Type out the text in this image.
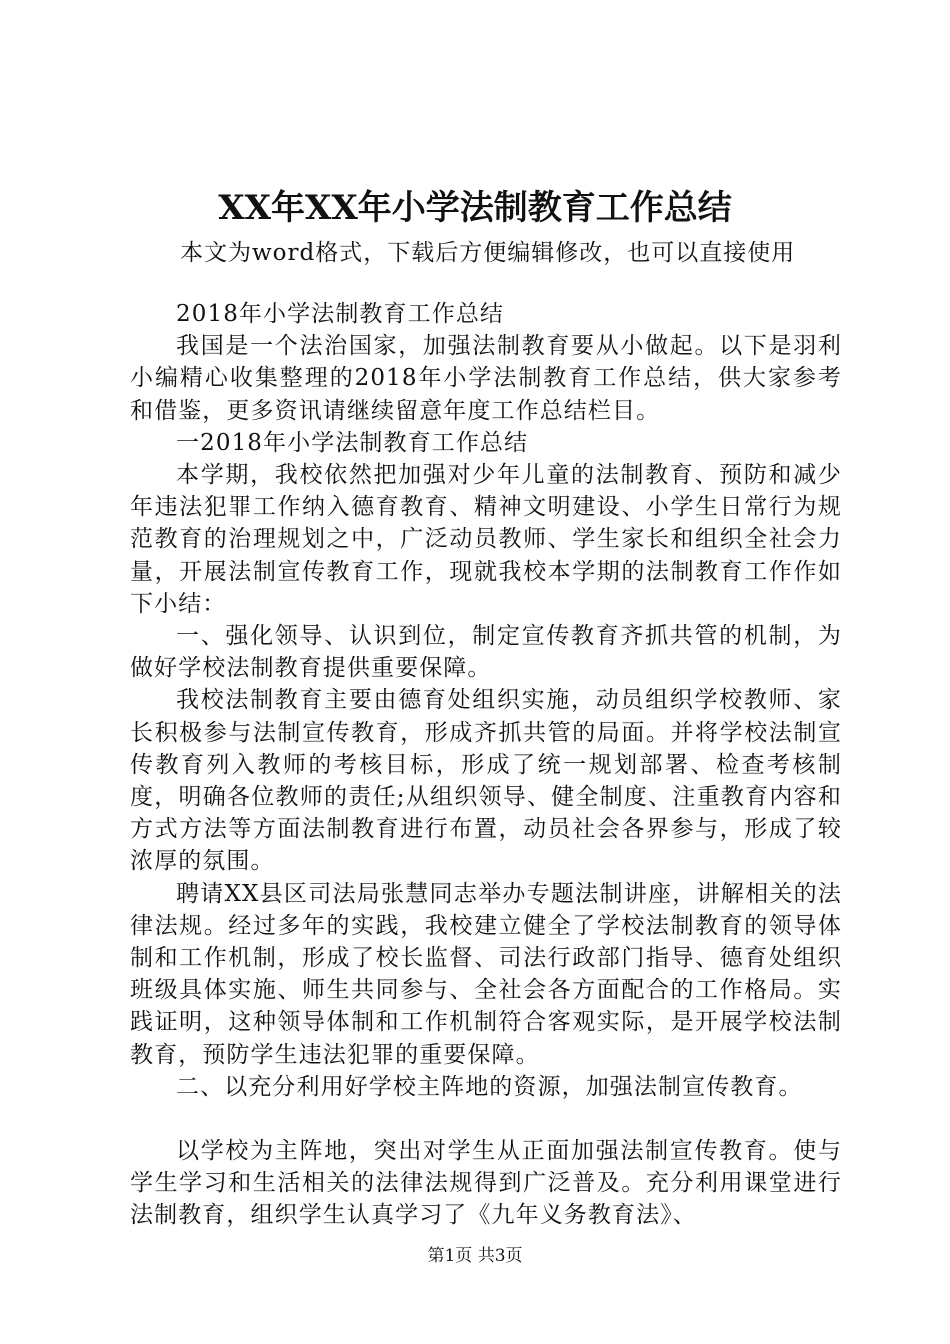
XX年XX年小学法制教育工作总结
本文为word格式，下载后方便编辑修改，也可以直接使用

2018年小学法制教育工作总结

我国是一个法治国家，加强法制教育要从小做起。以下是羽利小编精心收集整理的2018年小学法制教育工作总结，供大家参考和借鉴，更多资讯请继续留意年度工作总结栏目。

一2018年小学法制教育工作总结

本学期，我校依然把加强对少年儿童的法制教育、预防和减少年违法犯罪工作纳入德育教育、精神文明建设、小学生日常行为规范教育的治理规划之中，广泛动员教师、学生家长和组织全社会力量，开展法制宣传教育工作，现就我校本学期的法制教育工作作如下小结：

一、强化领导、认识到位，制定宣传教育齐抓共管的机制，为做好学校法制教育提供重要保障。

我校法制教育主要由德育处组织实施，动员组织学校教师、家长积极参与法制宣传教育，形成齐抓共管的局面。并将学校法制宣传教育列入教师的考核目标，形成了统一规划部署、检查考核制度，明确各位教师的责任;从组织领导、健全制度、注重教育内容和方式方法等方面法制教育进行布置，动员社会各界参与，形成了较浓厚的氛围。

聘请XX县区司法局张慧同志举办专题法制讲座，讲解相关的法律法规。经过多年的实践，我校建立健全了学校法制教育的领导体制和工作机制，形成了校长监督、司法行政部门指导、德育处组织班级具体实施、师生共同参与、全社会各方面配合的工作格局。实践证明，这种领导体制和工作机制符合客观实际，是开展学校法制教育，预防学生违法犯罪的重要保障。

二、以充分利用好学校主阵地的资源，加强法制宣传教育。

以学校为主阵地，突出对学生从正面加强法制宣传教育。使与学生学习和生活相关的法律法规得到广泛普及。充分利用课堂进行法制教育，组织学生认真学习了《九年义务教育法》、

第1页 共3页
